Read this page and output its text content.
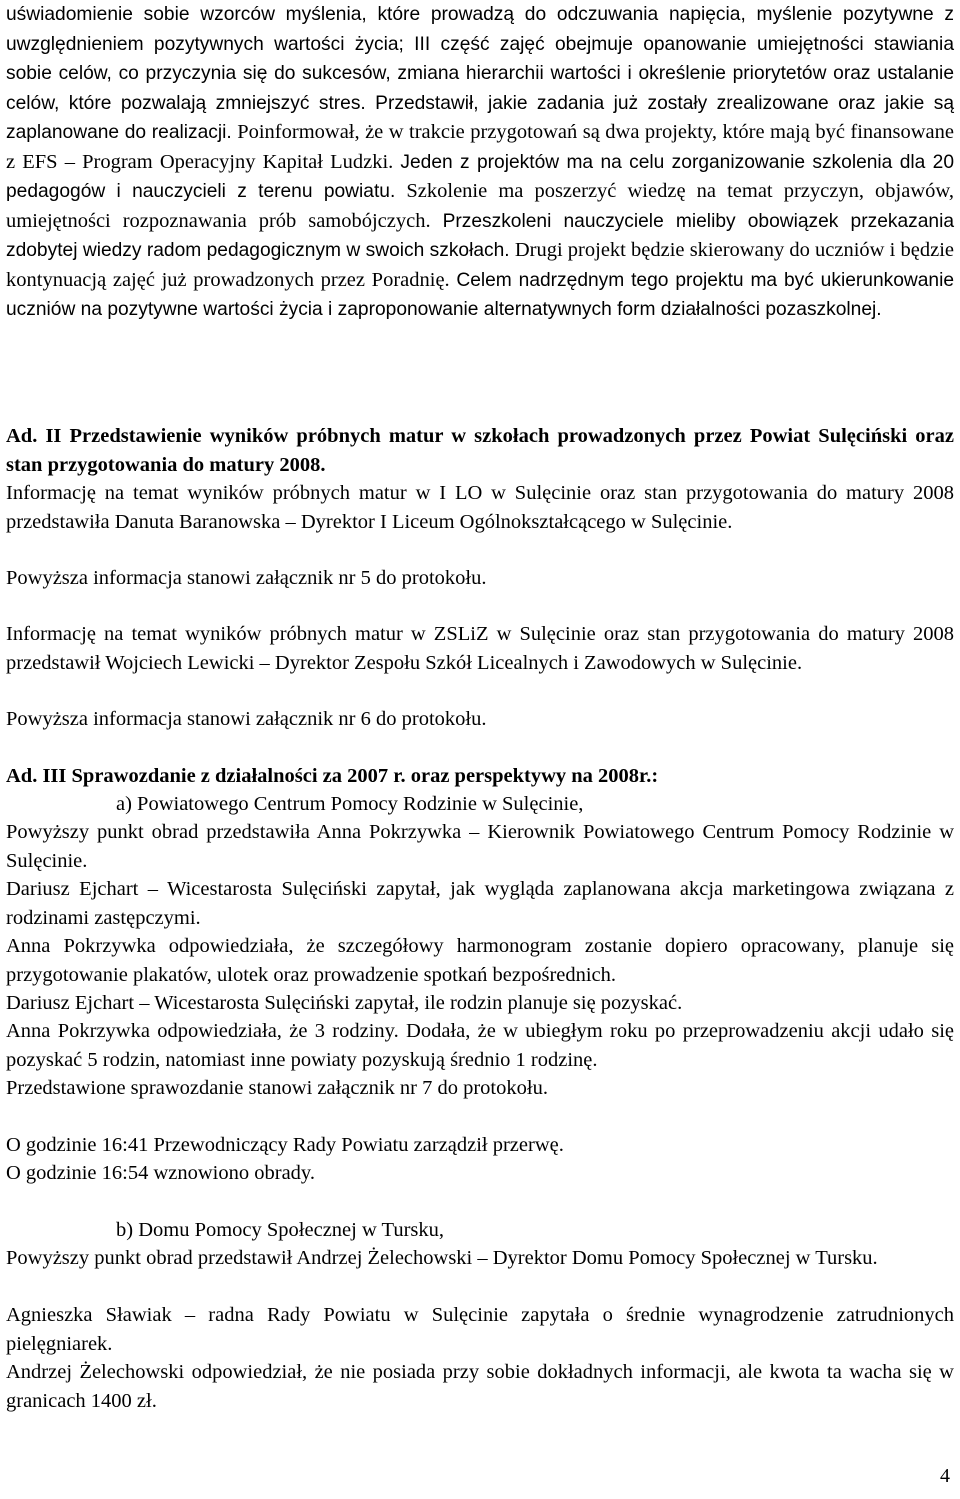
uświadomienie sobie wzorców myślenia, które prowadzą do odczuwania napięcia, myślenie pozytywne z uwzględnieniem pozytywnych wartości życia; III część zajęć obejmuje opanowanie umiejętności stawiania sobie celów, co przyczynia się do sukcesów, zmiana hierarchii wartości i określenie priorytetów oraz ustalanie celów, które pozwalają zmniejszyć stres. Przedstawił, jakie zadania już zostały zrealizowane oraz jakie są zaplanowane do realizacji. Poinformował, że w trakcie przygotowań są dwa projekty, które mają być finansowane z EFS – Program Operacyjny Kapitał Ludzki. Jeden z projektów ma na celu zorganizowanie szkolenia dla 20 pedagogów i nauczycieli z terenu powiatu. Szkolenie ma poszerzyć wiedzę na temat przyczyn, objawów, umiejętności rozpoznawania prób samobójczych. Przeszkoleni nauczyciele mieliby obowiązek przekazania zdobytej wiedzy radom pedagogicznym w swoich szkołach. Drugi projekt będzie skierowany do uczniów i będzie kontynuacją zajęć już prowadzonych przez Poradnię. Celem nadrzędnym tego projektu ma być ukierunkowanie uczniów na pozytywne wartości życia i zaproponowanie alternatywnych form działalności pozaszkolnej.

Ad. II Przedstawienie wyników próbnych matur w szkołach prowadzonych przez Powiat Sulęciński oraz stan przygotowania do matury 2008.

Informację na temat wyników próbnych matur w I LO w Sulęcinie oraz stan przygotowania do matury 2008 przedstawiła Danuta Baranowska – Dyrektor I Liceum Ogólnokształcącego w Sulęcinie.

Powyższa informacja stanowi załącznik nr 5 do protokołu.

Informację na temat wyników próbnych matur w ZSLiZ w Sulęcinie oraz stan przygotowania do matury 2008 przedstawił Wojciech Lewicki – Dyrektor Zespołu Szkół Licealnych i Zawodowych w Sulęcinie.

Powyższa informacja stanowi załącznik nr 6 do protokołu.

Ad. III Sprawozdanie z działalności za 2007 r. oraz perspektywy na 2008r.:

a) Powiatowego Centrum Pomocy Rodzinie w Sulęcinie,

Powyższy punkt obrad przedstawiła Anna Pokrzywka – Kierownik Powiatowego Centrum Pomocy Rodzinie w Sulęcinie.

Dariusz Ejchart – Wicestarosta Sulęciński zapytał, jak wygląda zaplanowana akcja marketingowa związana z rodzinami zastępczymi.

Anna Pokrzywka odpowiedziała, że szczegółowy harmonogram zostanie dopiero opracowany, planuje się przygotowanie plakatów, ulotek oraz prowadzenie spotkań bezpośrednich.

Dariusz Ejchart – Wicestarosta Sulęciński zapytał, ile rodzin planuje się pozyskać.

Anna Pokrzywka odpowiedziała, że 3 rodziny. Dodała, że w ubiegłym roku po przeprowadzeniu akcji udało się pozyskać 5 rodzin, natomiast inne powiaty pozyskują średnio 1 rodzinę.

Przedstawione sprawozdanie stanowi załącznik nr 7 do protokołu.

O godzinie 16:41 Przewodniczący Rady Powiatu zarządził przerwę.

O godzinie 16:54 wznowiono obrady.

b) Domu Pomocy Społecznej w Tursku,

Powyższy punkt obrad przedstawił Andrzej Żelechowski – Dyrektor Domu Pomocy Społecznej w Tursku.

Agnieszka Sławiak – radna Rady Powiatu w Sulęcinie zapytała o średnie wynagrodzenie zatrudnionych pielęgniarek.

Andrzej Żelechowski odpowiedział, że nie posiada przy sobie dokładnych informacji, ale kwota ta wacha się w granicach 1400 zł.

4
